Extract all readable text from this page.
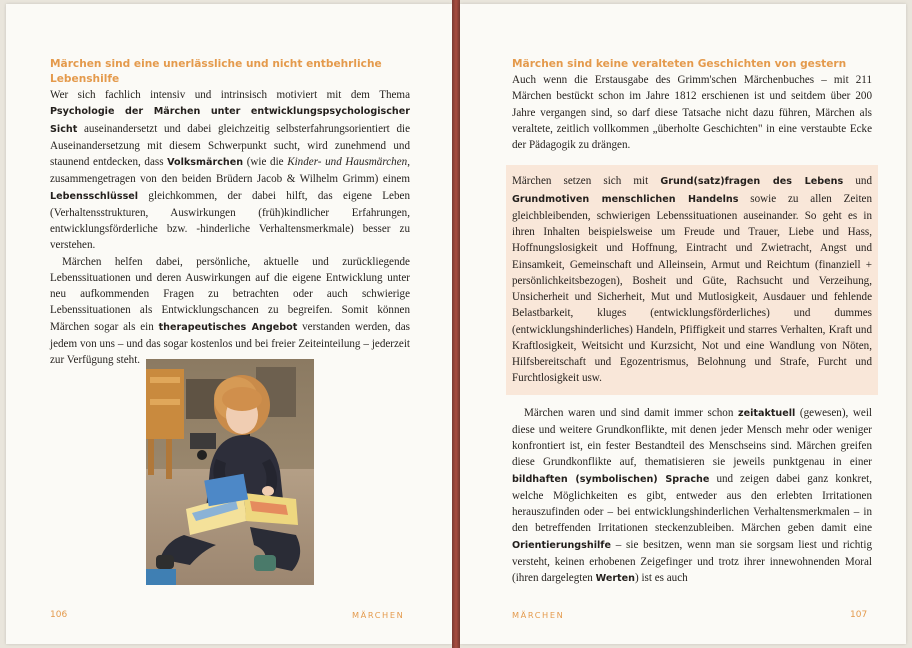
Märchen sind eine unerlässliche und nicht entbehrliche
Lebenshilfe

Wer sich fachlich intensiv und intrinsisch motiviert mit dem Thema Psychologie der Märchen unter entwicklungspsychologischer Sicht auseinandersetzt und dabei gleichzeitig selbsterfahrungsorientiert die Auseinandersetzung mit diesem Schwerpunkt sucht, wird zunehmend und staunend entdecken, dass Volksmärchen (wie die Kinder- und Hausmärchen, zusammengetragen von den beiden Brüdern Jacob & Wilhelm Grimm) einem Lebensschlüssel gleichkommen, der dabei hilft, das eigene Leben (Verhaltensstrukturen, Auswirkungen (früh)kindlicher Erfahrungen, entwicklungsförderliche bzw. -hinderliche Verhaltensmerkmale) besser zu verstehen.

Märchen helfen dabei, persönliche, aktuelle und zurückliegende Lebenssituationen und deren Auswirkungen auf die eigene Entwicklung unter neu aufkommenden Fragen zu betrachten oder auch schwierige Lebenssituationen als Entwicklungschancen zu begreifen. Somit können Märchen sogar als ein therapeutisches Angebot verstanden werden, das jedem von uns – und das sogar kostenlos und bei freier Zeiteinteilung – jederzeit zur Verfügung steht.

106	MÄRCHEN
Märchen sind keine veralteten Geschichten von gestern

Auch wenn die Erstausgabe des Grimm'schen Märchenbuches – mit 211 Märchen bestückt schon im Jahre 1812 erschienen ist und seitdem über 200 Jahre vergangen sind, so darf diese Tatsache nicht dazu führen, Märchen als veraltete, zeitlich vollkommen „überholte Geschichten" in eine verstaubte Ecke der Pädagogik zu drängen.

Märchen setzen sich mit Grund(satz)fragen des Lebens und Grundmotiven menschlichen Handelns sowie zu allen Zeiten gleichbleibenden, schwierigen Lebenssituationen auseinander. So geht es in ihren Inhalten beispielsweise um Freude und Trauer, Liebe und Hass, Hoffnungslosigkeit und Hoffnung, Eintracht und Zwietracht, Angst und Einsamkeit, Gemeinschaft und Alleinsein, Armut und Reichtum (finanziell + persönlichkeitsbezogen), Bosheit und Güte, Rachsucht und Verzeihung, Unsicherheit und Sicherheit, Mut und Mutlosigkeit, Ausdauer und fehlende Belastbarkeit, kluges (entwicklungsförderliches) und dummes (entwicklungshinderliches) Handeln, Pfiffigkeit und starres Verhalten, Kraft und Kraftlosigkeit, Weitsicht und Kurzsicht, Not und eine Wandlung von Nöten, Hilfsbereitschaft und Egozentrismus, Belohnung und Strafe, Furcht und Furchtlosigkeit usw.

Märchen waren und sind damit immer schon zeitaktuell (gewesen), weil diese und weitere Grundkonflikte, mit denen jeder Mensch mehr oder weniger konfrontiert ist, ein fester Bestandteil des Menschseins sind. Märchen greifen diese Grundkonflikte auf, thematisieren sie jeweils punktgenau in einer bildhaften (symbolischen) Sprache und zeigen dabei ganz konkret, welche Möglichkeiten es gibt, entweder aus den erlebten Irritationen herauszufinden oder – bei entwicklungshinderlichen Verhaltensmerkmalen – in den betreffenden Irritationen steckenzubleiben. Märchen geben damit eine Orientierungshilfe – sie besitzen, wenn man sie sorgsam liest und richtig versteht, keinen erhobenen Zeigefinger und trotz ihrer innewohnenden Moral (ihren dargelegten Werten) ist es auch

MÄRCHEN	107
